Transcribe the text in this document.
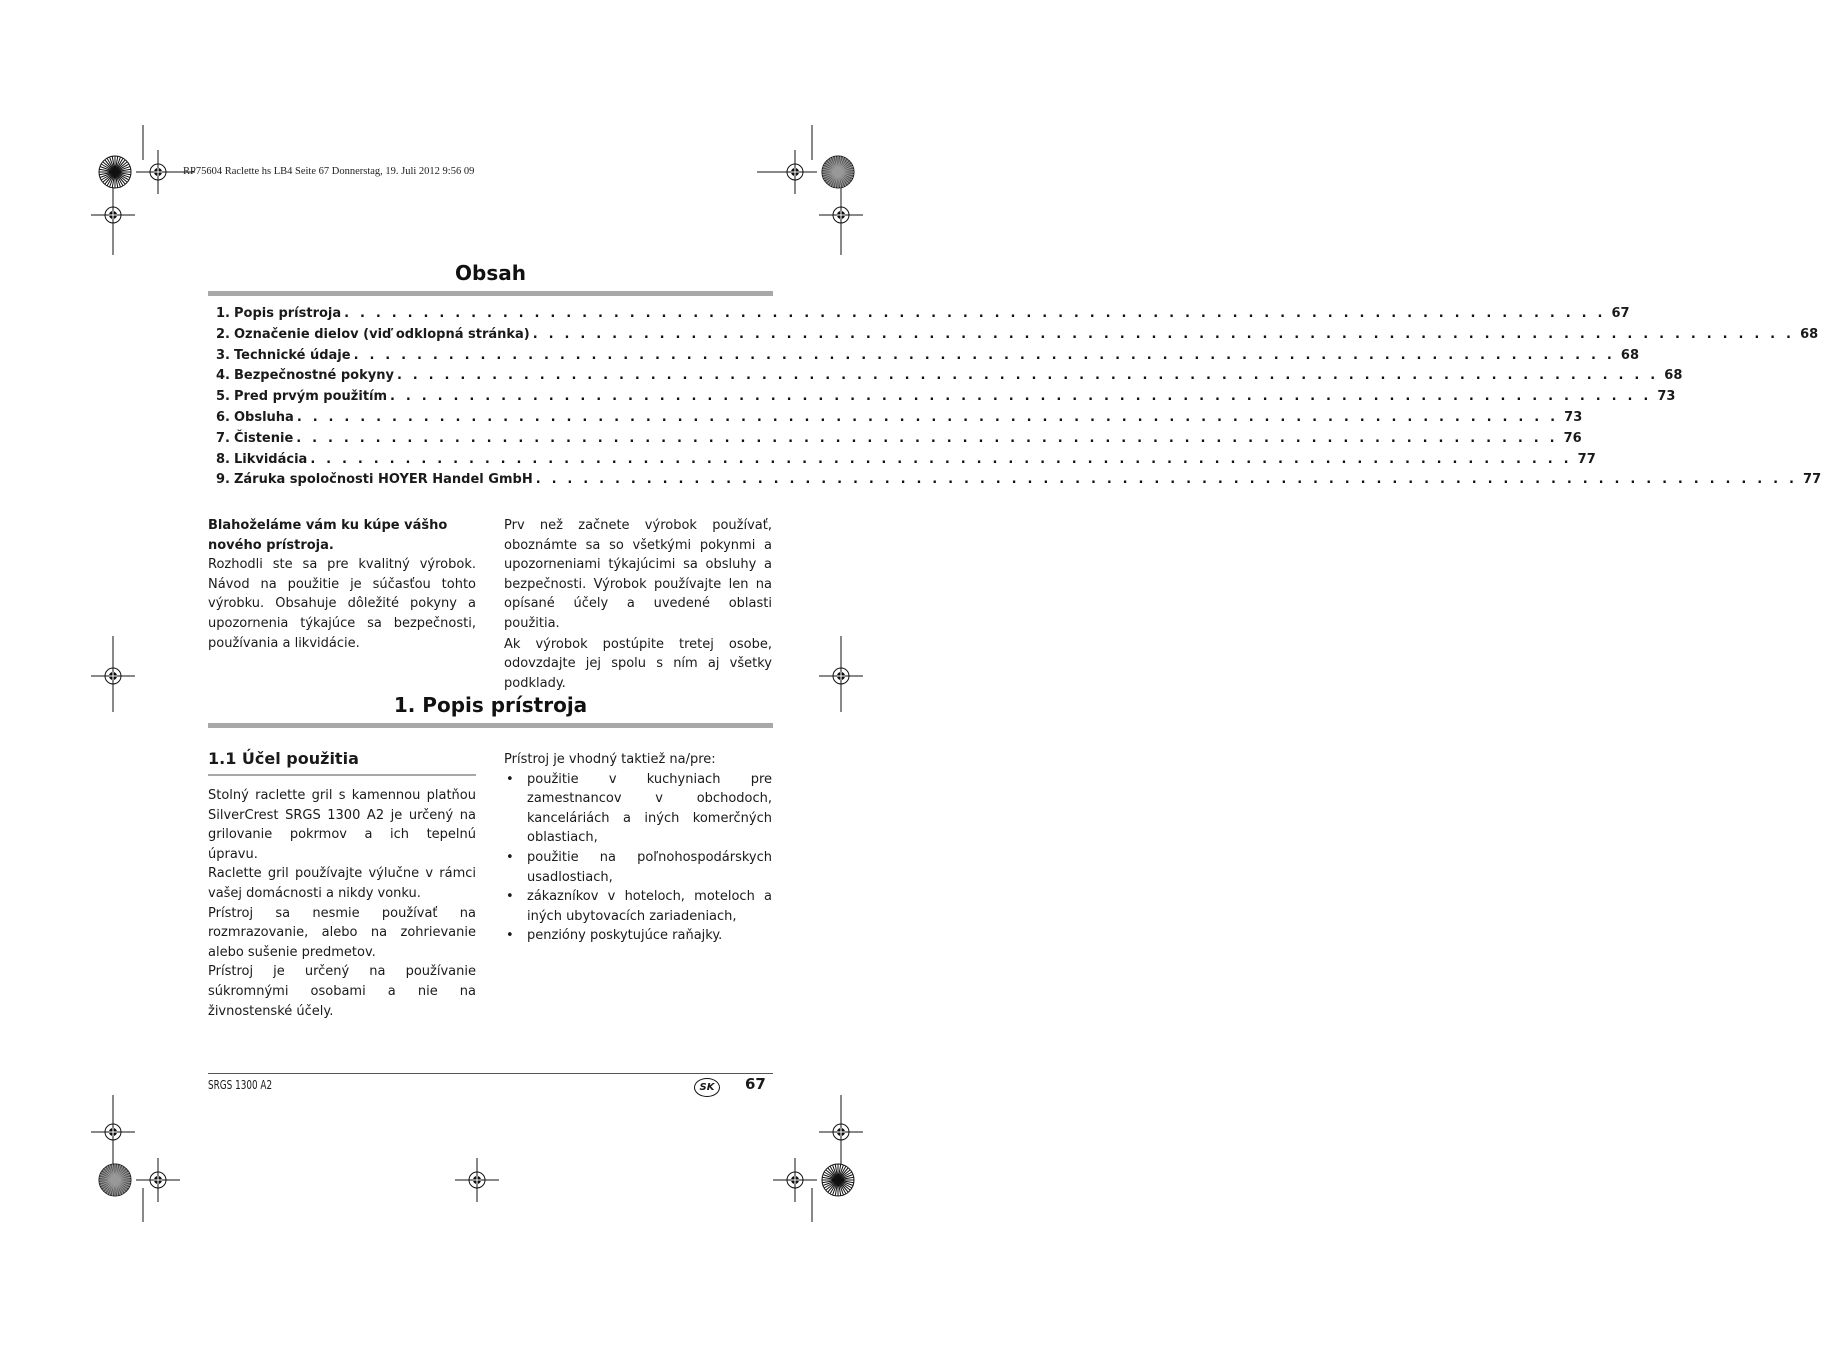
RP75604 Raclette hs LB4 Seite 67 Donnerstag, 19. Juli 2012 9:56 09
Obsah
1. Popis prístroja . . . . . . . . . . . . . . . . . . . . . . . . . . . . . . . . . . . . . . . . . . . . . . . . . . . . . . . . . . . . . . . . . . . . . . . . . . . . . . . . 67
2. Označenie dielov (viď odklopná stránka) . . . . . . . . . . . . . . . . . . . . . . . . . . . . . . . . . . . . . . . . . . . . . . . . . . . . . . . . . . . . . . . . . . . . . . . . . . . . . . . . 68
3. Technické údaje . . . . . . . . . . . . . . . . . . . . . . . . . . . . . . . . . . . . . . . . . . . . . . . . . . . . . . . . . . . . . . . . . . . . . . . . . . . . . . . . 68
4. Bezpečnostné pokyny . . . . . . . . . . . . . . . . . . . . . . . . . . . . . . . . . . . . . . . . . . . . . . . . . . . . . . . . . . . . . . . . . . . . . . . . . . . . . . . . 68
5. Pred prvým použitím . . . . . . . . . . . . . . . . . . . . . . . . . . . . . . . . . . . . . . . . . . . . . . . . . . . . . . . . . . . . . . . . . . . . . . . . . . . . . . . . 73
6. Obsluha . . . . . . . . . . . . . . . . . . . . . . . . . . . . . . . . . . . . . . . . . . . . . . . . . . . . . . . . . . . . . . . . . . . . . . . . . . . . . . . . 73
7. Čistenie . . . . . . . . . . . . . . . . . . . . . . . . . . . . . . . . . . . . . . . . . . . . . . . . . . . . . . . . . . . . . . . . . . . . . . . . . . . . . . . . 76
8. Likvidácia . . . . . . . . . . . . . . . . . . . . . . . . . . . . . . . . . . . . . . . . . . . . . . . . . . . . . . . . . . . . . . . . . . . . . . . . . . . . . . . . 77
9. Záruka spoločnosti HOYER Handel GmbH . . . . . . . . . . . . . . . . . . . . . . . . . . . . . . . . . . . . . . . . . . . . . . . . . . . . . . . . . . . . . . . . . . . . . . . . . . . . . . . . 77

Blahoželáme vám ku kúpe vášho nového prístroja.

Rozhodli ste sa pre kvalitný výrobok. Návod na použitie je súčasťou tohto výrobku. Obsahuje dôležité pokyny a upozornenia týkajúce sa bezpečnosti, používania a likvidácie.

Prv než začnete výrobok používať, oboznámte sa so všetkými pokynmi a upozorneniami týkajúcimi sa obsluhy a bezpečnosti. Výrobok používajte len na opísané účely a uvedené oblasti použitia.

Ak výrobok postúpite tretej osobe, odovzdajte jej spolu s ním aj všetky podklady.

1. Popis prístroja
1.1 Účel použitia

Stolný raclette gril s kamennou platňou SilverCrest SRGS 1300 A2 je určený na grilovanie pokrmov a ich tepelnú úpravu.

Raclette gril používajte výlučne v rámci vašej domácnosti a nikdy vonku.

Prístroj sa nesmie používať na rozmrazovanie, alebo na zohrievanie alebo sušenie predmetov.

Prístroj je určený na používanie súkromnými osobami a nie na živnostenské účely.

Prístroj je vhodný taktiež na/pre:

• použitie v kuchyniach pre zamestnancov v obchodoch, kanceláriách a iných komerčných oblastiach,
• použitie na poľnohospodárskych usadlostiach,
• zákazníkov v hoteloch, moteloch a iných ubytovacích zariadeniach,
• penzióny poskytujúce raňajky.
SRGS 1300 A2	SK	67
